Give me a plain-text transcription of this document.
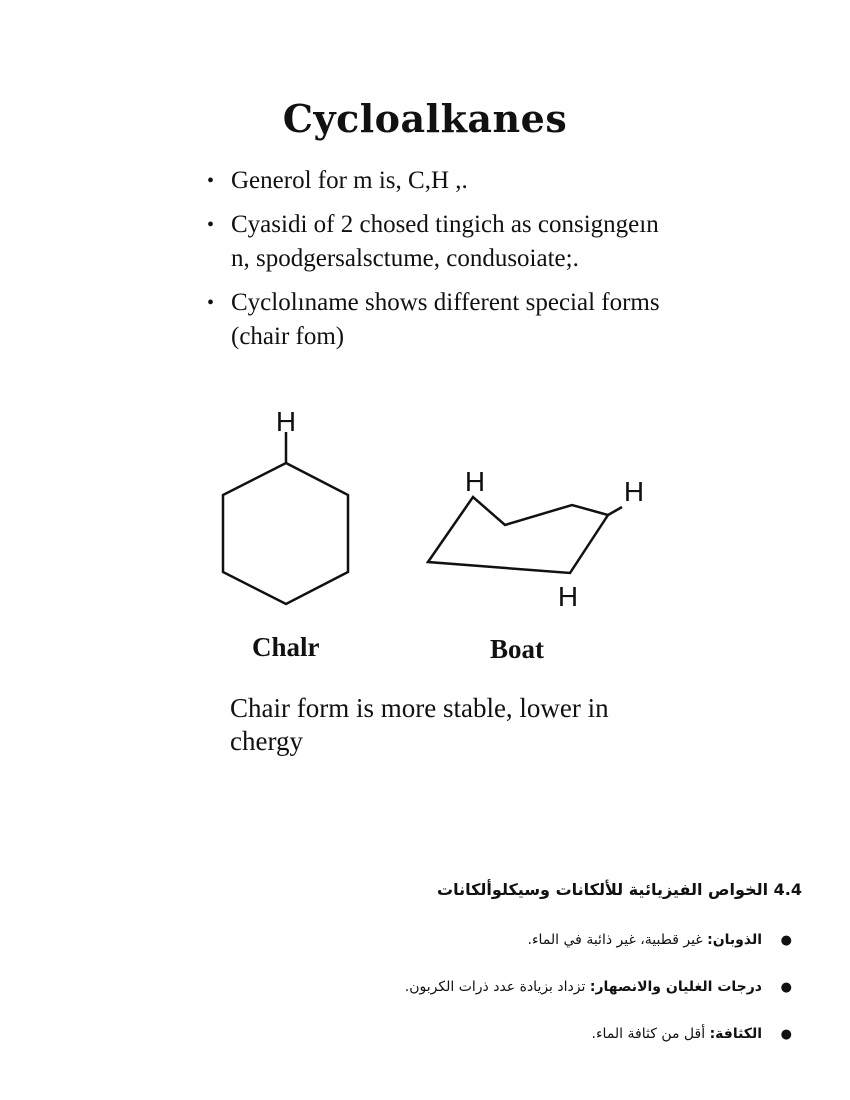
Cycloalkanes
• Generol for m is, C,H ,.
• Cyasidi of 2 chosed tingich as consigngeın n, spodgersalsctume, condusoiate;.
• Cyclolıname shows different special forms (chair fom)
H
H	H
H
Chalr	Boat
Chair form is more stable, lower in chergy
4.4 الخواص الفيزيائية للألكانات وسيكلوألكانات
●
الذوبان: غير قطبية، غير ذائبة في الماء.
●
درجات الغليان والانصهار: تزداد بزيادة عدد ذرات الكربون.
●
الكثافة: أقل من كثافة الماء.
